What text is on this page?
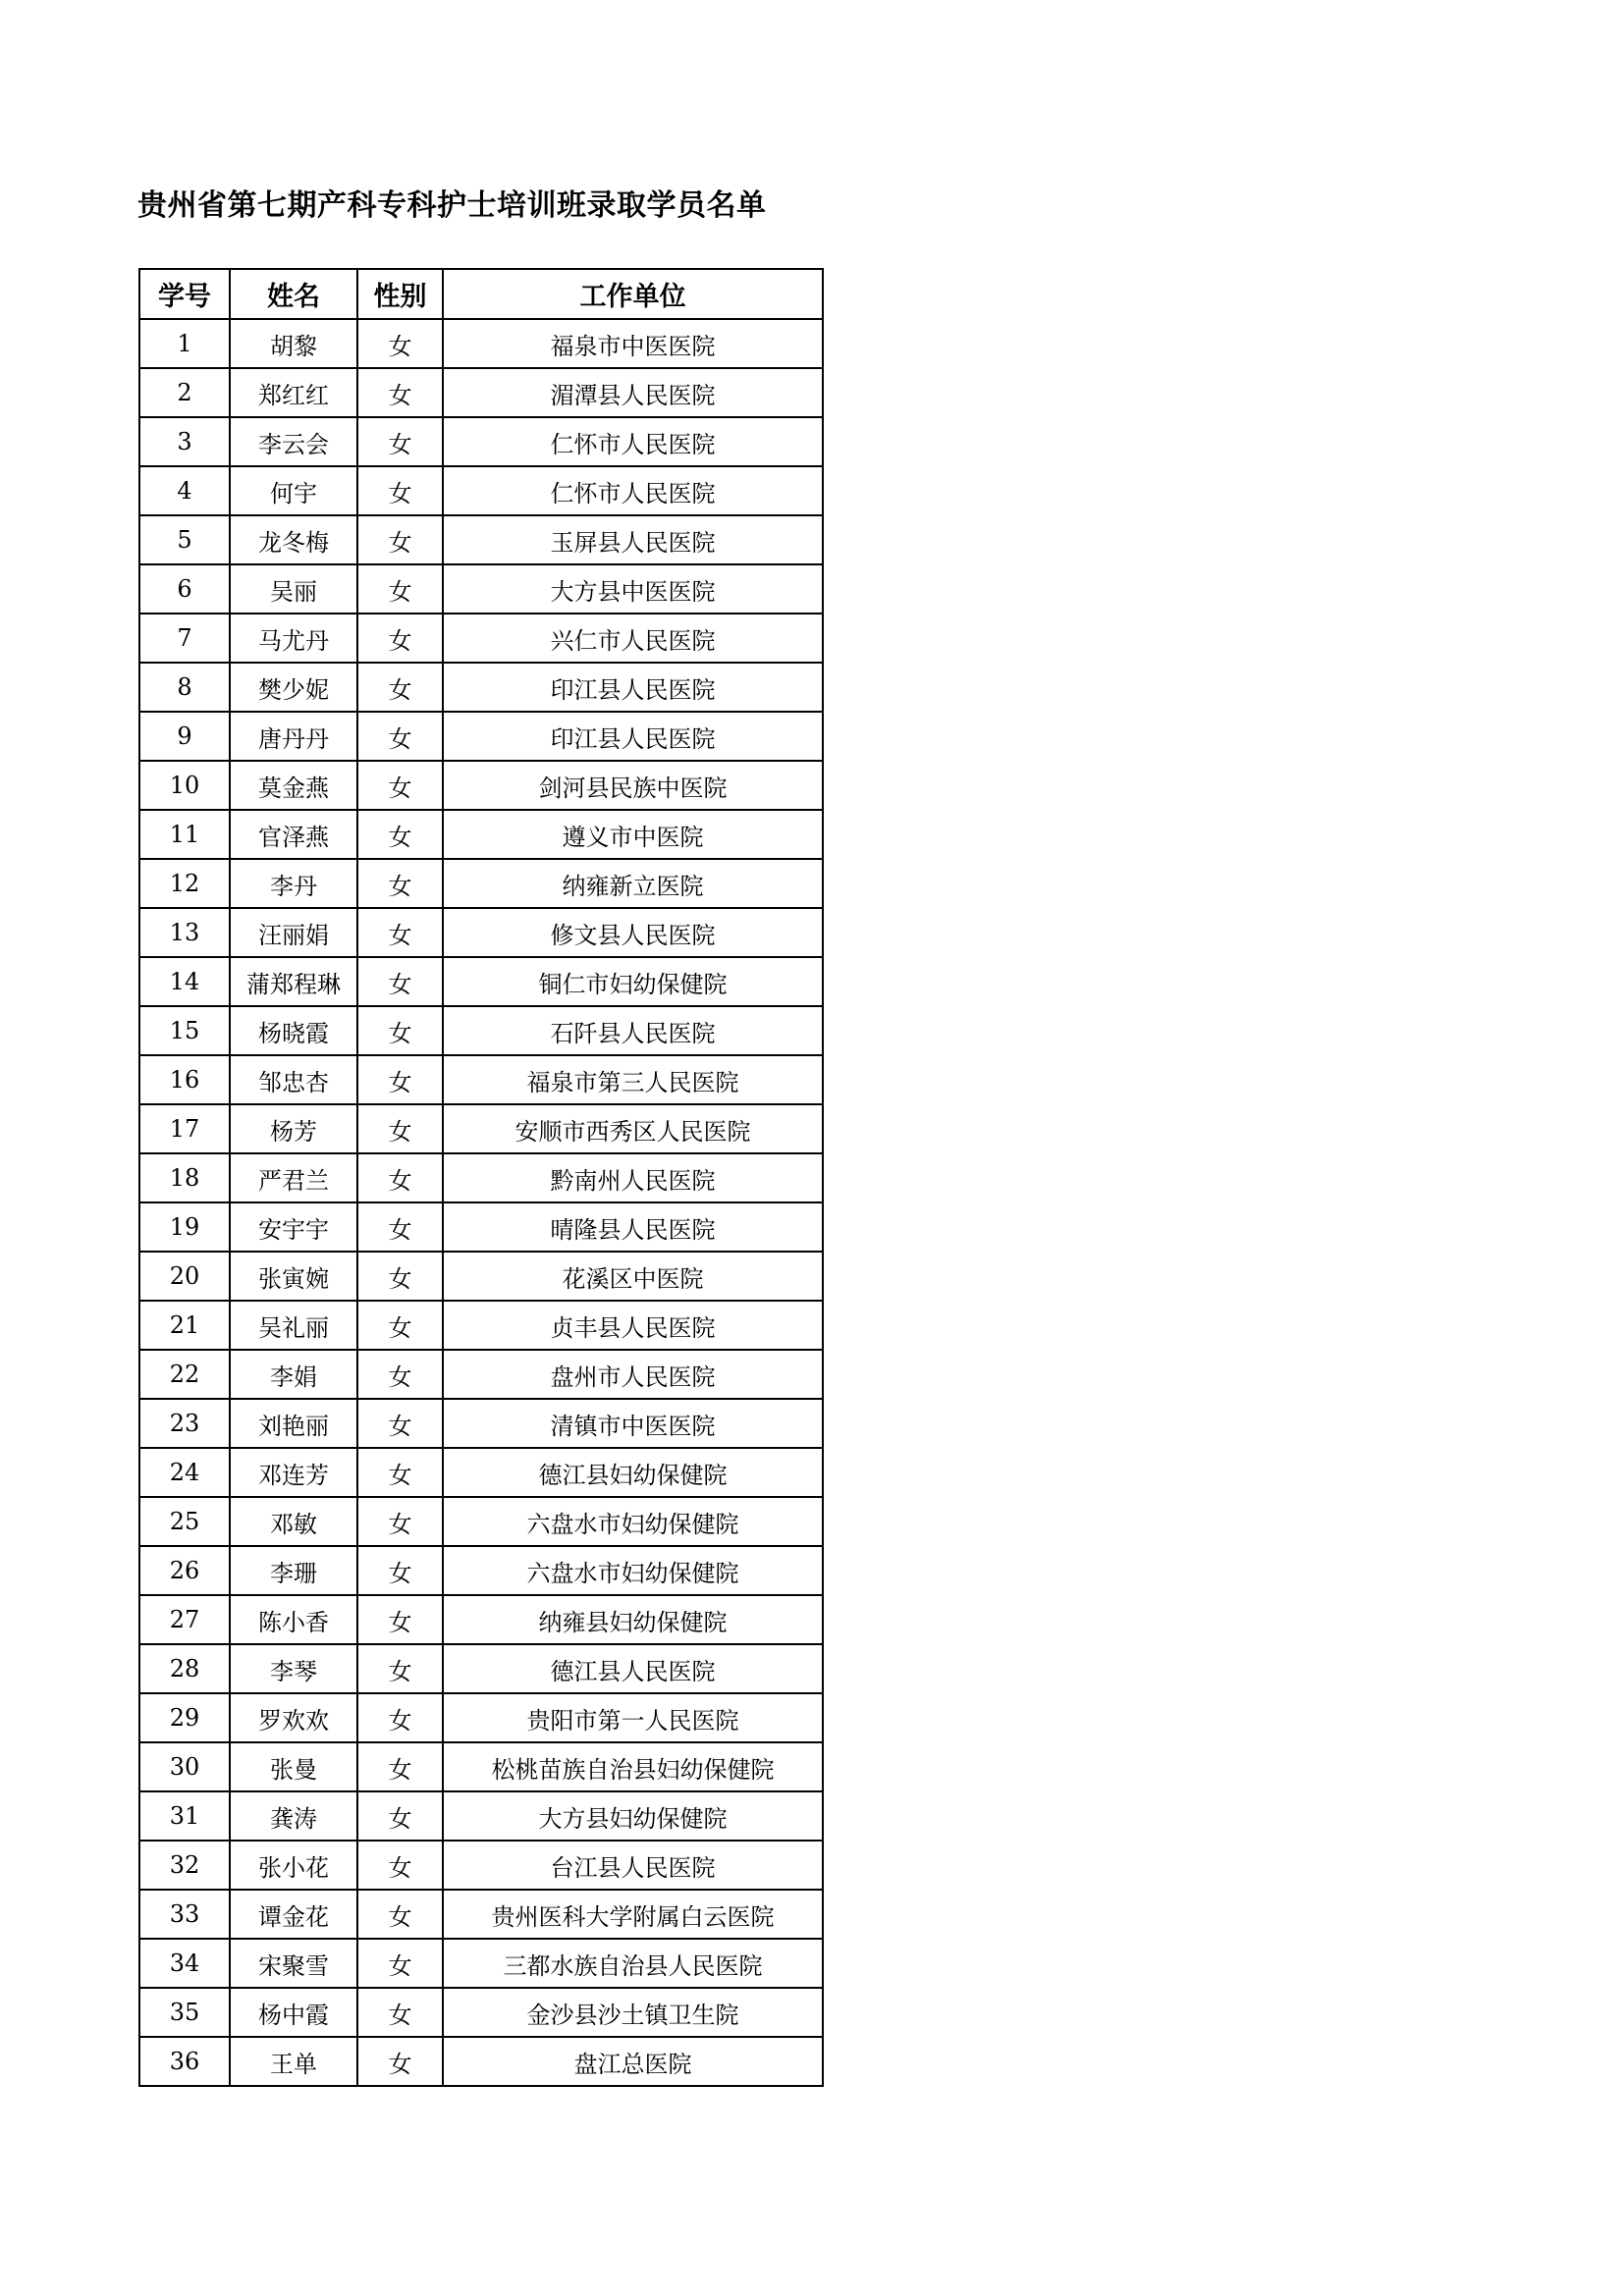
贵州省第七期产科专科护士培训班录取学员名单
学号	姓名	性别	工作单位
1	胡黎	女	福泉市中医医院
2	郑红红	女	湄潭县人民医院
3	李云会	女	仁怀市人民医院
4	何宇	女	仁怀市人民医院
5	龙冬梅	女	玉屏县人民医院
6	吴丽	女	大方县中医医院
7	马尤丹	女	兴仁市人民医院
8	樊少妮	女	印江县人民医院
9	唐丹丹	女	印江县人民医院
10	莫金燕	女	剑河县民族中医院
11	官泽燕	女	遵义市中医院
12	李丹	女	纳雍新立医院
13	汪丽娟	女	修文县人民医院
14	蒲郑程琳	女	铜仁市妇幼保健院
15	杨晓霞	女	石阡县人民医院
16	邹忠杏	女	福泉市第三人民医院
17	杨芳	女	安顺市西秀区人民医院
18	严君兰	女	黔南州人民医院
19	安宇宇	女	晴隆县人民医院
20	张寅婉	女	花溪区中医院
21	吴礼丽	女	贞丰县人民医院
22	李娟	女	盘州市人民医院
23	刘艳丽	女	清镇市中医医院
24	邓连芳	女	德江县妇幼保健院
25	邓敏	女	六盘水市妇幼保健院
26	李珊	女	六盘水市妇幼保健院
27	陈小香	女	纳雍县妇幼保健院
28	李琴	女	德江县人民医院
29	罗欢欢	女	贵阳市第一人民医院
30	张曼	女	松桃苗族自治县妇幼保健院
31	龚涛	女	大方县妇幼保健院
32	张小花	女	台江县人民医院
33	谭金花	女	贵州医科大学附属白云医院
34	宋聚雪	女	三都水族自治县人民医院
35	杨中霞	女	金沙县沙土镇卫生院
36	王单	女	盘江总医院
